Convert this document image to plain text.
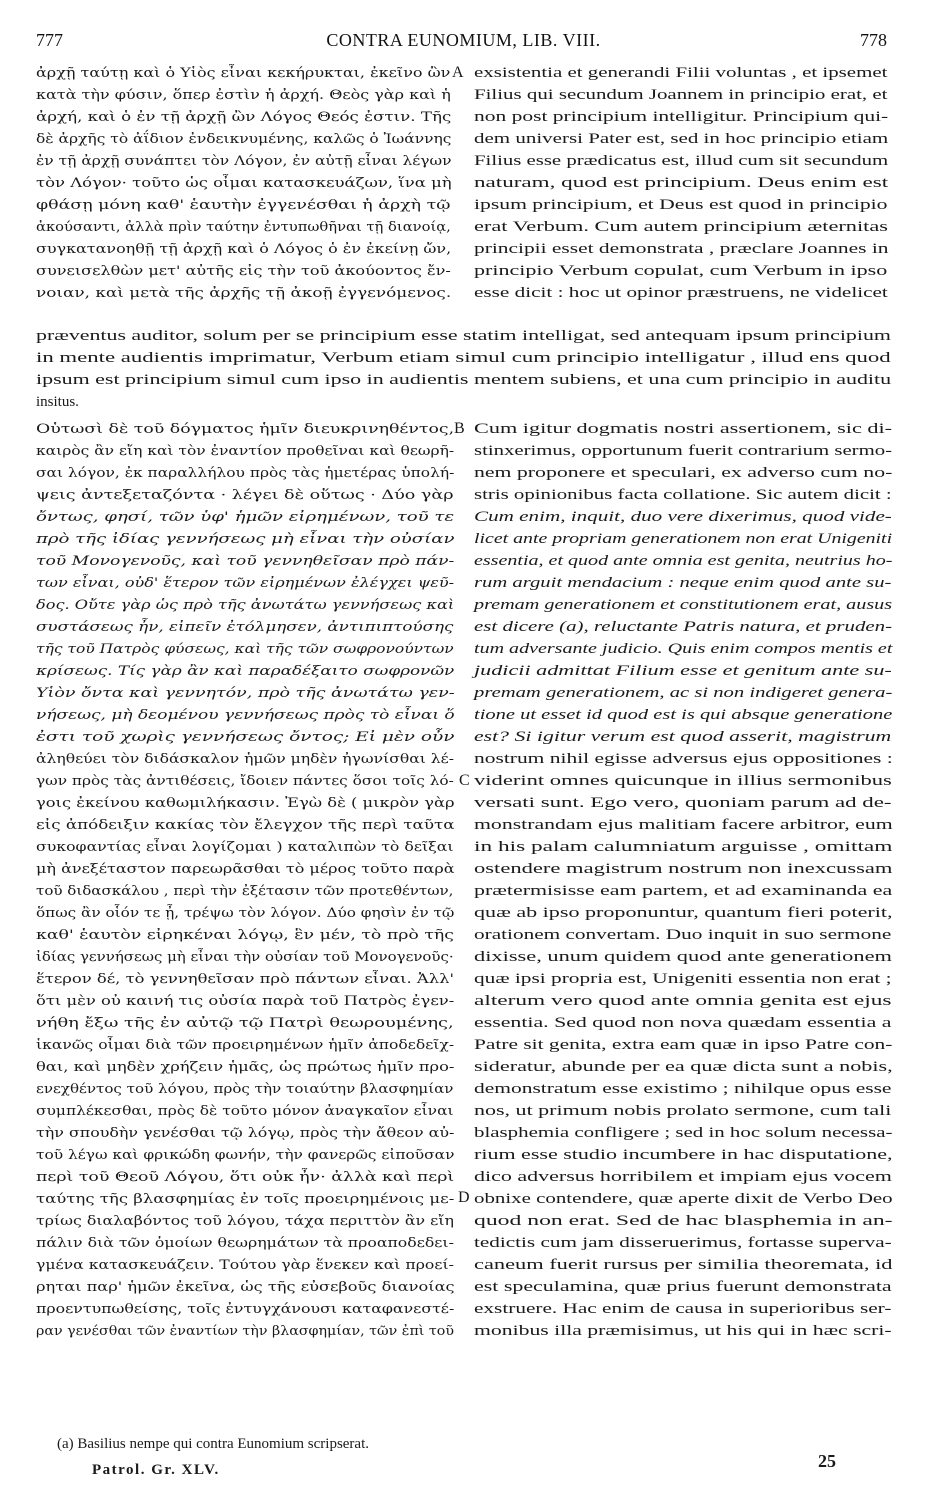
777	CONTRA EUNOMIUM, LIB. VIII.	778
ἀρχῇ ταύτῃ καὶ ὁ Υἱὸς εἶναι κεκήρυκται, ἐκεῖνο ὢν
κατὰ τὴν φύσιν, ὅπερ ἐστὶν ἡ ἀρχή. Θεὸς γὰρ καὶ ἡ
ἀρχή, καὶ ὁ ἐν τῇ ἀρχῇ ὢν Λόγος Θεός ἐστιν. Τῆς
δὲ ἀρχῆς τὸ ἀΐδιον ἐνδεικνυμένης, καλῶς ὁ Ἰωάννης
ἐν τῇ ἀρχῇ συνάπτει τὸν Λόγον, ἐν αὐτῇ εἶναι λέγων
τὸν Λόγον· τοῦτο ὡς οἶμαι κατασκευάζων, ἵνα μὴ
φθάσῃ μόνη καθ' ἑαυτὴν ἐγγενέσθαι ἡ ἀρχὴ τῷ
ἀκούσαντι, ἀλλὰ πρὶν ταύτην ἐντυπωθῆναι τῇ διανοίᾳ,
συγκατανοηθῇ τῇ ἀρχῇ καὶ ὁ Λόγος ὁ ἐν ἐκείνῃ ὤν,
συνεισελθὼν μετ' αὐτῆς εἰς τὴν τοῦ ἀκούοντος ἔν-
νοιαν, καὶ μετὰ τῆς ἀρχῆς τῇ ἀκοῇ ἐγγενόμενος.
exsistentia et generandi Filii voluntas , et ipsemet
Filius qui secundum Joannem in principio erat, et
non post principium intelligitur. Principium qui-
dem universi Pater est, sed in hoc principio etiam
Filius esse prædicatus est, illud cum sit secundum
naturam, quod est principium. Deus enim est
ipsum principium, et Deus est quod in principio
erat Verbum. Cum autem principium æternitas
principii esset demonstrata , præclare Joannes in
principio Verbum copulat, cum Verbum in ipso
esse dicit : hoc ut opinor præstruens, ne videlicet
præventus auditor, solum per se principium esse statim intelligat, sed antequam ipsum principium
in mente audientis imprimatur, Verbum etiam simul cum principio intelligatur , illud ens quod
ipsum est principium simul cum ipso in audientis mentem subiens, et una cum principio in auditu
insitus.
Οὑτωσὶ δὲ τοῦ δόγματος ἡμῖν διευκρινηθέντος,
καιρὸς ἂν εἴη καὶ τὸν ἐναντίον προθεῖναι καὶ θεωρῆ-
σαι λόγον, ἐκ παραλλήλου πρὸς τὰς ἡμετέρας ὑπολή-
ψεις ἀντεξεταζόντα · λέγει δὲ οὕτως · Δύο γὰρ
ὄντως, φησί, τῶν ὑφ' ἡμῶν εἰρημένων, τοῦ τε
πρὸ τῆς ἰδίας γεννήσεως μὴ εἶναι τὴν οὐσίαν
τοῦ Μονογενοῦς, καὶ τοῦ γεννηθεῖσαν πρὸ πάν-
των εἶναι, οὐδ' ἕτερον τῶν εἰρημένων ἐλέγχει ψεῦ-
δος. Οὔτε γὰρ ὡς πρὸ τῆς ἀνωτάτω γεννήσεως καὶ
συστάσεως ἦν, εἰπεῖν ἐτόλμησεν, ἀντιπιπτούσης
τῆς τοῦ Πατρὸς φύσεως, καὶ τῆς τῶν σωφρονούντων
κρίσεως. Τίς γὰρ ἂν καὶ παραδέξαιτο σωφρονῶν
Υἱὸν ὄντα καὶ γεννητόν, πρὸ τῆς ἀνωτάτω γεν-
νήσεως, μὴ δεομένου γεννήσεως πρὸς τὸ εἶναι ὅ
ἐστι τοῦ χωρὶς γεννήσεως ὄντος; Εἰ μὲν οὖν
ἀληθεύει τὸν διδάσκαλον ἡμῶν μηδὲν ἠγωνίσθαι λέ-
γων πρὸς τὰς ἀντιθέσεις, ἴδοιεν πάντες ὅσοι τοῖς λό-
γοις ἐκείνου καθωμιλήκασιν. Ἐγὼ δὲ ( μικρὸν γὰρ
εἰς ἀπόδειξιν κακίας τὸν ἔλεγχον τῆς περὶ ταῦτα
συκοφαντίας εἶναι λογίζομαι ) καταλιπὼν τὸ δεῖξαι
μὴ ἀνεξέταστον παρεωρᾶσθαι τὸ μέρος τοῦτο παρὰ
τοῦ διδασκάλου , περὶ τὴν ἐξέτασιν τῶν προτεθέντων,
ὅπως ἂν οἷόν τε ᾖ, τρέψω τὸν λόγον. Δύο φησὶν ἐν τῷ
καθ' ἑαυτὸν εἰρηκέναι λόγῳ, ἓν μέν, τὸ πρὸ τῆς
ἰδίας γεννήσεως μὴ εἶναι τὴν οὐσίαν τοῦ Μονογενοῦς·
ἕτερον δέ, τὸ γεννηθεῖσαν πρὸ πάντων εἶναι. Ἀλλ'
ὅτι μὲν οὐ καινή τις οὐσία παρὰ τοῦ Πατρὸς ἐγεν-
νήθη ἔξω τῆς ἐν αὐτῷ τῷ Πατρὶ θεωρουμένης,
ἱκανῶς οἶμαι διὰ τῶν προειρημένων ἡμῖν ἀποδεδεῖχ-
θαι, καὶ μηδὲν χρήζειν ἡμᾶς, ὡς πρώτως ἡμῖν προ-
ενεχθέντος τοῦ λόγου, πρὸς τὴν τοιαύτην βλασφημίαν
συμπλέκεσθαι, πρὸς δὲ τοῦτο μόνον ἀναγκαῖον εἶναι
τὴν σπουδὴν γενέσθαι τῷ λόγῳ, πρὸς τὴν ἄθεον αὐ-
τοῦ λέγω καὶ φρικώδη φωνήν, τὴν φανερῶς εἰποῦσαν
περὶ τοῦ Θεοῦ Λόγου, ὅτι οὐκ ἦν· ἀλλὰ καὶ περὶ
ταύτης τῆς βλασφημίας ἐν τοῖς προειρημένοις με-
τρίως διαλαβόντος τοῦ λόγου, τάχα περιττὸν ἂν εἴη
πάλιν διὰ τῶν ὁμοίων θεωρημάτων τὰ προαποδεδει-
γμένα κατασκευάζειν. Τούτου γὰρ ἕνεκεν καὶ προεί-
ρηται παρ' ἡμῶν ἐκεῖνα, ὡς τῆς εὐσεβοῦς διανοίας
προεντυπωθείσης, τοῖς ἐντυγχάνουσι καταφανεστέ-
ραν γενέσθαι τῶν ἐναντίων τὴν βλασφημίαν, τῶν ἐπὶ τοῦ
Cum igitur dogmatis nostri assertionem, sic di-
stinxerimus, opportunum fuerit contrarium sermo-
nem proponere et speculari, ex adverso cum no-
stris opinionibus facta collatione. Sic autem dicit :
Cum enim, inquit, duo vere dixerimus, quod vide-
licet ante propriam generationem non erat Unigeniti
essentia, et quod ante omnia est genita, neutrius ho-
rum arguit mendacium : neque enim quod ante su-
premam generationem et constitutionem erat, ausus
est dicere (a), reluctante Patris natura, et pruden-
tum adversante judicio. Quis enim compos mentis et
judicii admittat Filium esse et genitum ante su-
premam generationem, ac si non indigeret genera-
tione ut esset id quod est is qui absque generatione
est? Si igitur verum est quod asserit, magistrum
nostrum nihil egisse adversus ejus oppositiones :
viderint omnes quicunque in illius sermonibus
versati sunt. Ego vero, quoniam parum ad de-
monstrandam ejus malitiam facere arbitror, eum
in his palam calumniatum arguisse , omittam
ostendere magistrum nostrum non inexcussam
prætermisisse eam partem, et ad examinanda ea
quæ ab ipso proponuntur, quantum fieri poterit,
orationem convertam. Duo inquit in suo sermone
dixisse, unum quidem quod ante generationem
quæ ipsi propria est, Unigeniti essentia non erat ;
alterum vero quod ante omnia genita est ejus
essentia. Sed quod non nova quædam essentia a
Patre sit genita, extra eam quæ in ipso Patre con-
sideratur, abunde per ea quæ dicta sunt a nobis,
demonstratum esse existimo ; nihilque opus esse
nos, ut primum nobis prolato sermone, cum tali
blasphemia confligere ; sed in hoc solum necessa-
rium esse studio incumbere in hac disputatione,
dico adversus horribilem et impiam ejus vocem
obnixe contendere, quæ aperte dixit de Verbo Deo
quod non erat. Sed de hac blasphemia in an-
tedictis cum jam disseruerimus, fortasse superva-
caneum fuerit rursus per similia theoremata, id
est speculamina, quæ prius fuerunt demonstrata
exstruere. Hac enim de causa in superioribus ser-
monibus illa præmisimus, ut his qui in hæc scri-
A
B
C
D
(a) Basilius nempe qui contra Eunomium scripserat.
Patrol. Gr. XLV.	25
